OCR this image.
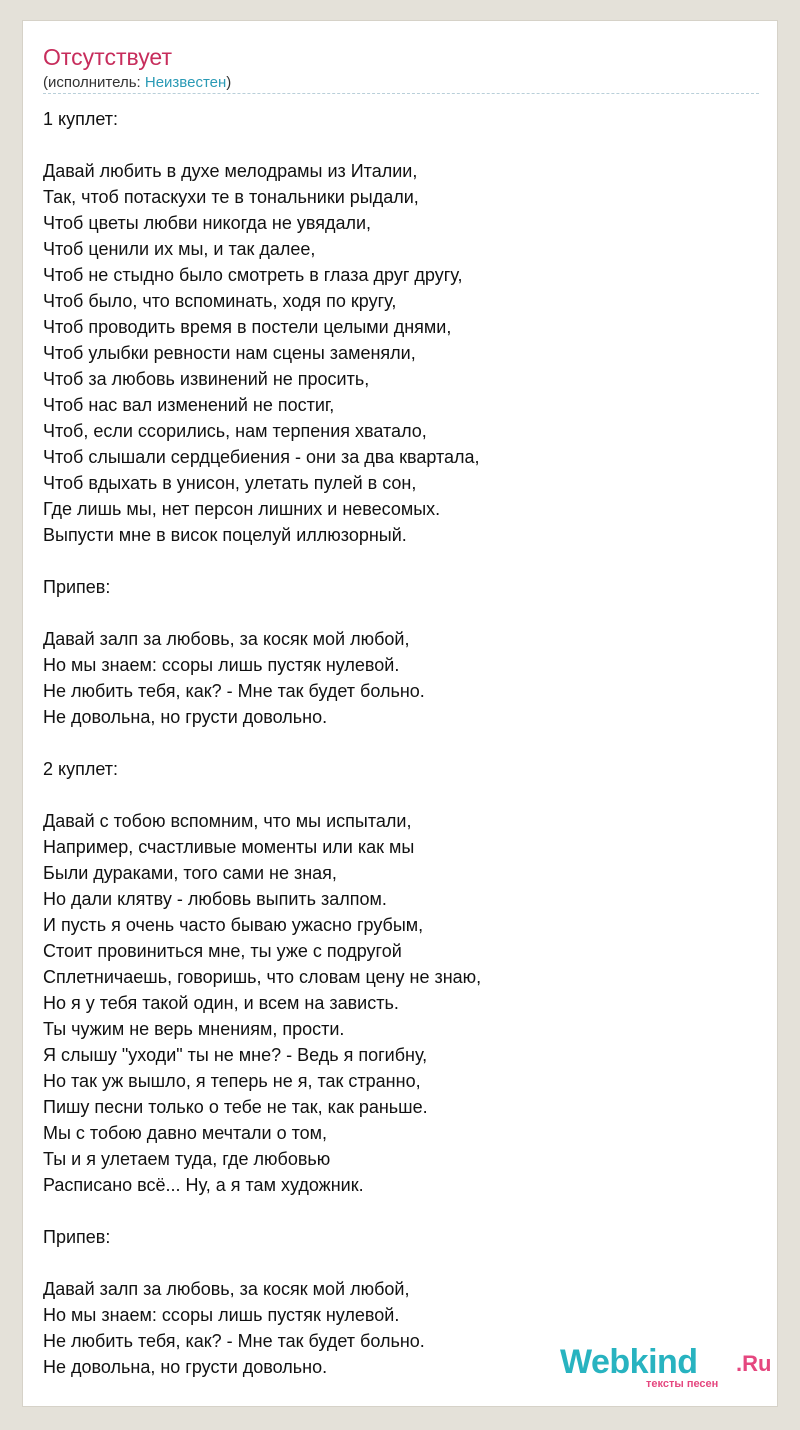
Отсутствует
(исполнитель: Неизвестен)
1 куплет:

Давай любить в духе мелодрамы из Италии,
Так, чтоб потаскухи те в тональники рыдали,
Чтоб цветы любви никогда не увядали,
Чтоб ценили их мы, и так далее,
Чтоб не стыдно было смотреть в глаза друг другу,
Чтоб было, что вспоминать, ходя по кругу,
Чтоб проводить время в постели целыми днями,
Чтоб улыбки ревности нам сцены заменяли,
Чтоб за любовь извинений не просить,
Чтоб нас вал изменений не постиг,
Чтоб, если ссорились, нам терпения хватало,
Чтоб слышали сердцебиения - они за два квартала,
Чтоб вдыхать в унисон, улетать пулей в сон,
Где лишь мы, нет персон лишних и невесомых.
Выпусти мне в висок поцелуй иллюзорный.

Припев:

Давай залп за любовь, за косяк мой любой,
Но мы знаем: ссоры лишь пустяк нулевой.
Не любить тебя, как? - Мне так будет больно.
Не довольна, но грусти довольно.

2 куплет:

Давай с тобою вспомним, что мы испытали,
Например, счастливые моменты или как мы
Были дураками, того сами не зная,
Но дали клятву - любовь выпить залпом.
И пусть я очень часто бываю ужасно грубым,
Стоит провиниться мне, ты уже с подругой
Сплетничаешь, говоришь, что словам цену не знаю,
Но я у тебя такой один, и всем на зависть.
Ты чужим не верь мнениям, прости.
Я слышу "уходи" ты не мне? - Ведь я погибну,
Но так уж вышло, я теперь не я, так странно,
Пишу песни только о тебе не так, как раньше.
Мы с тобою давно мечтали о том,
Ты и я улетаем туда, где любовью
Расписано всё... Ну, а я там художник.

Припев:

Давай залп за любовь, за косяк мой любой,
Но мы знаем: ссоры лишь пустяк нулевой.
Не любить тебя, как? - Мне так будет больно.
Не довольна, но грусти довольно.	Webkind .Ru
тексты песен
